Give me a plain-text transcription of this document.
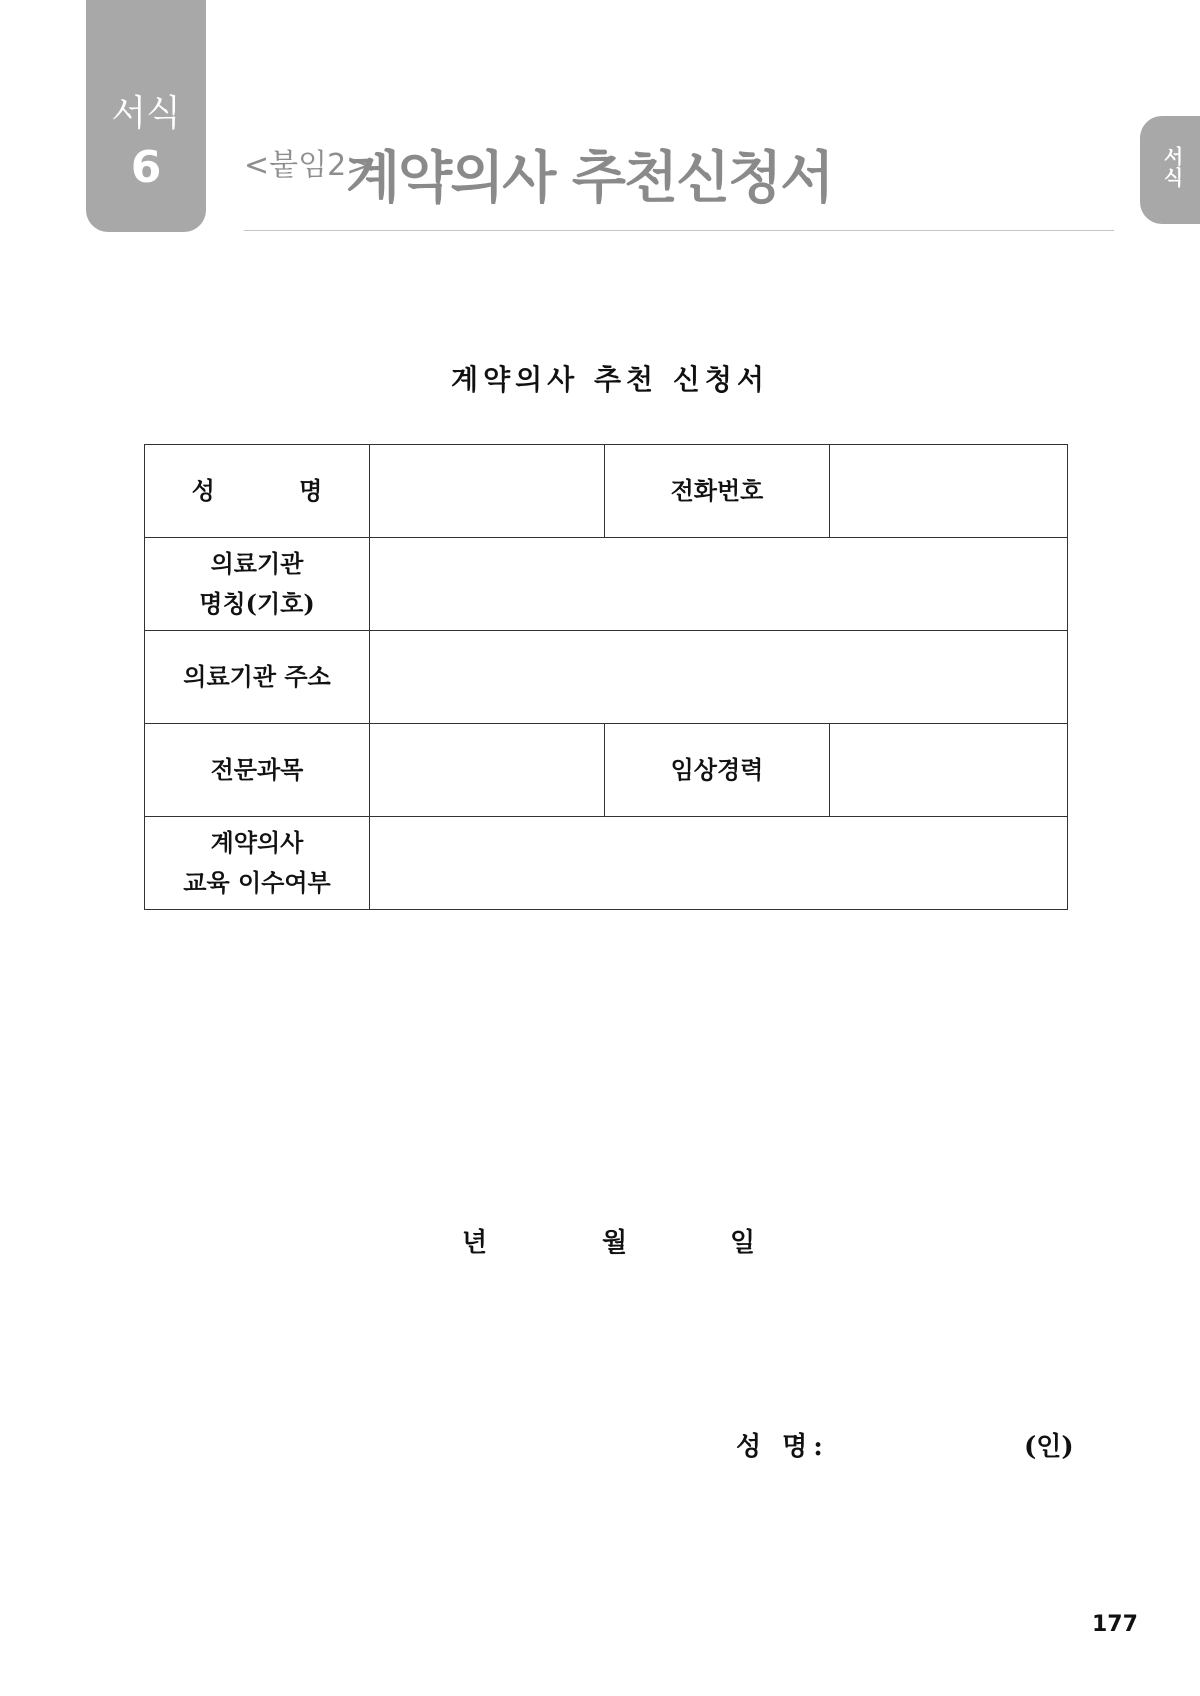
서식
6	서식
<붙임2>
계약의사 추천신청서
계약의사 추천 신청서
성 명		전화번호	

의료기관
명칭(기호)			

의료기관 주소			
전문과목		임상경력	

계약의사
교육 이수여부			

년	월	일
성 명:	(인)
177
